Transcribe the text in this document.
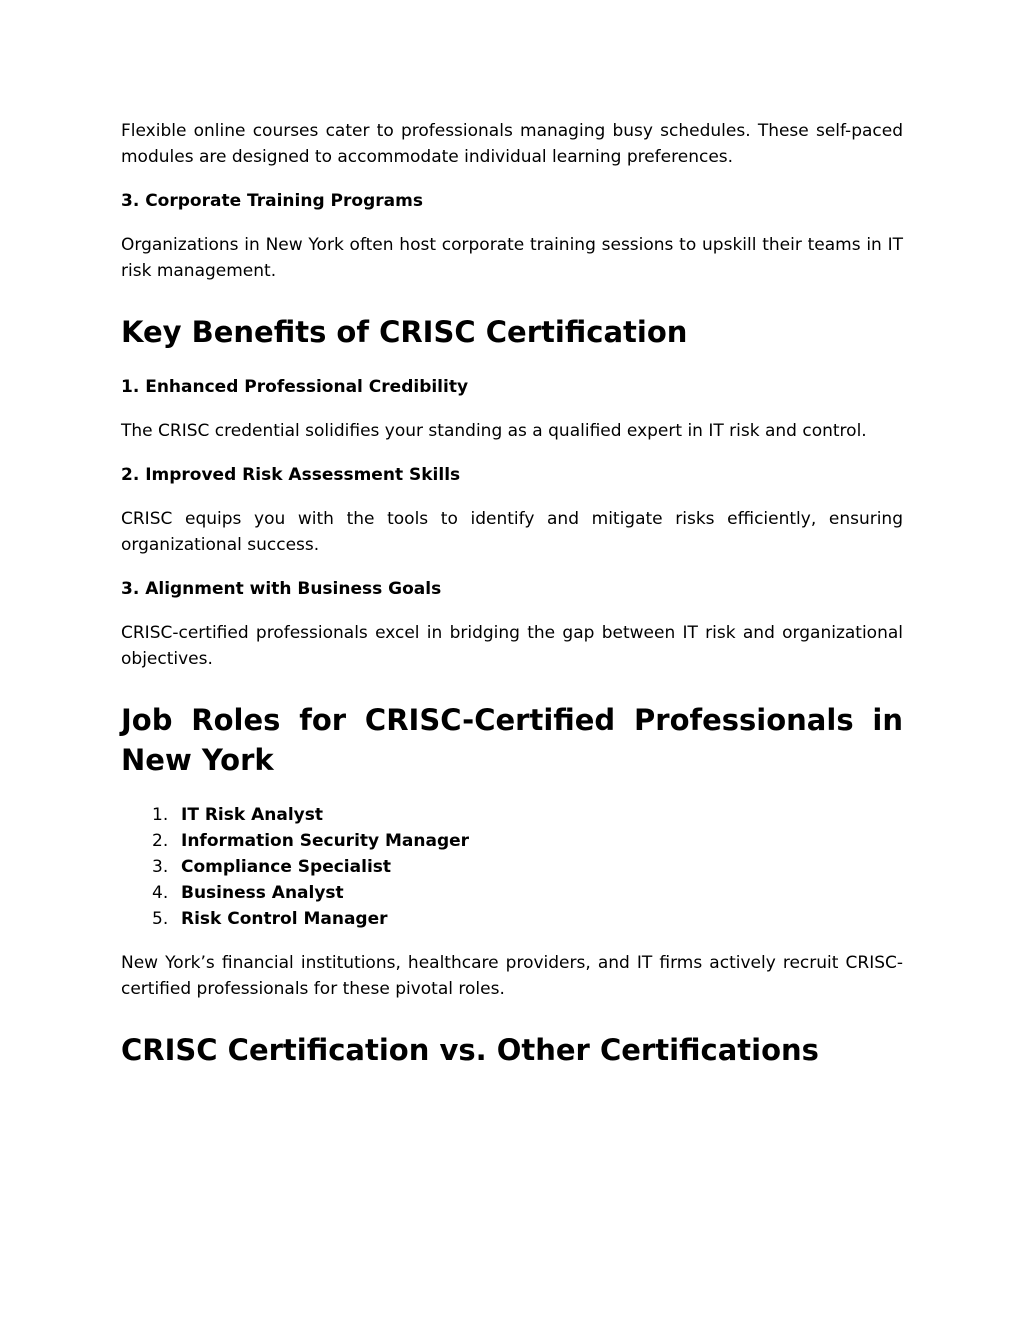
Flexible online courses cater to professionals managing busy schedules. These self-paced modules are designed to accommodate individual learning preferences.

3. Corporate Training Programs

Organizations in New York often host corporate training sessions to upskill their teams in IT risk management.

Key Benefits of CRISC Certification
1. Enhanced Professional Credibility

The CRISC credential solidifies your standing as a qualified expert in IT risk and control.

2. Improved Risk Assessment Skills

CRISC equips you with the tools to identify and mitigate risks efficiently, ensuring organizational success.

3. Alignment with Business Goals

CRISC-certified professionals excel in bridging the gap between IT risk and organizational objectives.

Job Roles for CRISC-Certified Professionals in New York
1. IT Risk Analyst
2. Information Security Manager
3. Compliance Specialist
4. Business Analyst
5. Risk Control Manager

New York’s financial institutions, healthcare providers, and IT firms actively recruit CRISC-certified professionals for these pivotal roles.

CRISC Certification vs. Other Certifications
